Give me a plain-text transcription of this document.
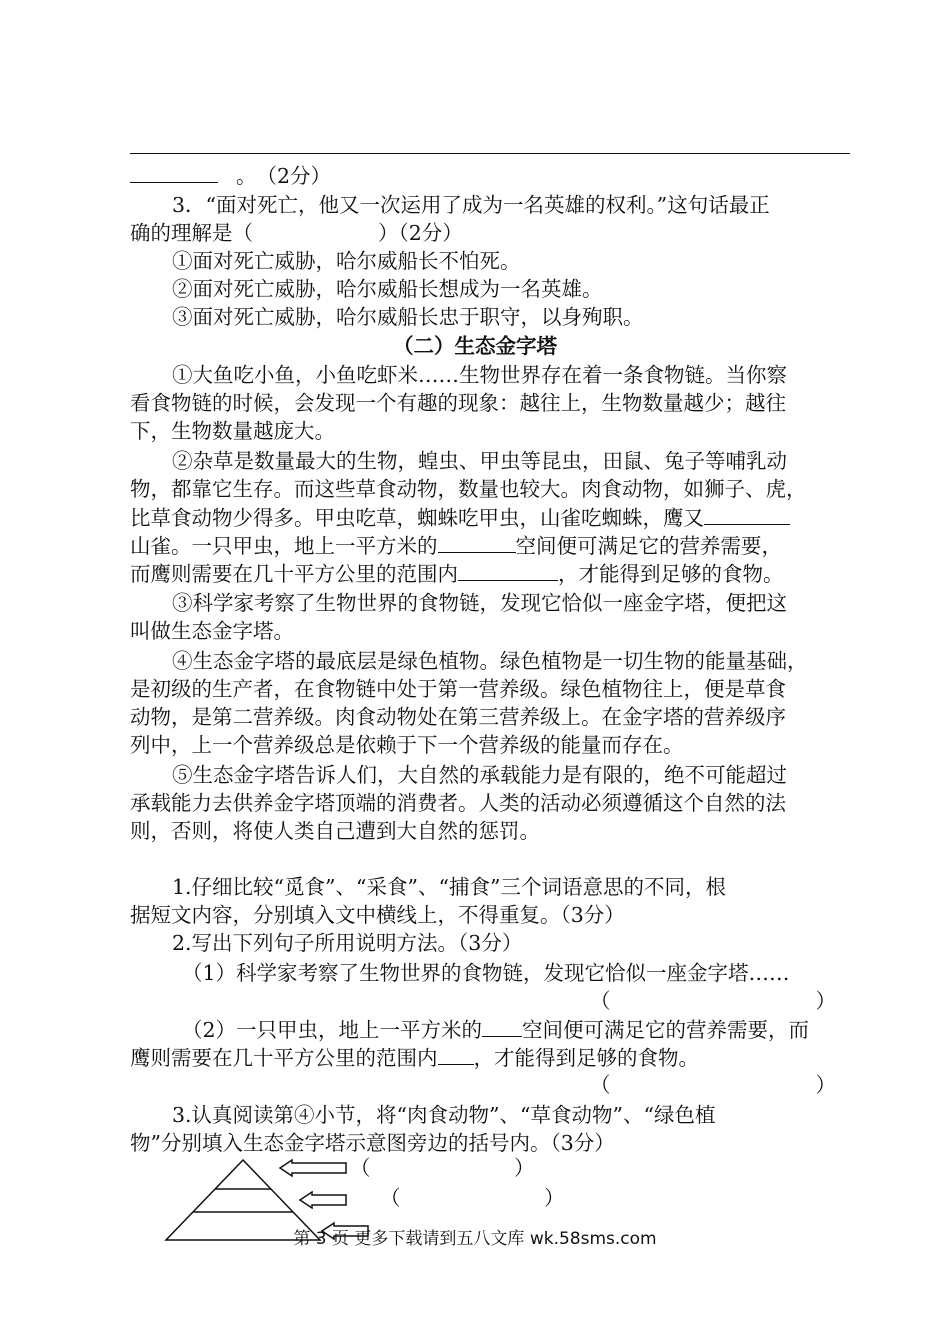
。　（2分）
3．“面对死亡，他又一次运用了成为一名英雄的权利。”这句话最正
确的理解是（	）（2分）
①面对死亡威胁，哈尔威船长不怕死。
②面对死亡威胁，哈尔威船长想成为一名英雄。
③面对死亡威胁，哈尔威船长忠于职守，以身殉职。
（二）生态金字塔
①大鱼吃小鱼，小鱼吃虾米……生物世界存在着一条食物链。当你察
看食物链的时候，会发现一个有趣的现象：越往上，生物数量越少；越往
下，生物数量越庞大。
②杂草是数量最大的生物，蝗虫、甲虫等昆虫，田鼠、兔子等哺乳动
物，都靠它生存。而这些草食动物，数量也较大。肉食动物，如狮子、虎，
比草食动物少得多。甲虫吃草，蜘蛛吃甲虫，山雀吃蜘蛛，鹰又
山雀。一只甲虫，地上一平方米的	空间便可满足它的营养需要，
而鹰则需要在几十平方公里的范围内	，才能得到足够的食物。
③科学家考察了生物世界的食物链，发现它恰似一座金字塔，便把这
叫做生态金字塔。
④生态金字塔的最底层是绿色植物。绿色植物是一切生物的能量基础，
是初级的生产者，在食物链中处于第一营养级。绿色植物往上，便是草食
动物，是第二营养级。肉食动物处在第三营养级上。在金字塔的营养级序
列中，上一个营养级总是依赖于下一个营养级的能量而存在。
⑤生态金字塔告诉人们，大自然的承载能力是有限的，绝不可能超过
承载能力去供养金字塔顶端的消费者。人类的活动必须遵循这个自然的法
则，否则，将使人类自己遭到大自然的惩罚。
1.仔细比较“觅食”、“采食”、“捕食”三个词语意思的不同，根
据短文内容，分别填入文中横线上，不得重复。（3分）
2.写出下列句子所用说明方法。（3分）
（1）科学家考察了生物世界的食物链，发现它恰似一座金字塔……
（　　　　　　　　　　）
（2）一只甲虫，地上一平方米的 空间便可满足它的营养需要，而
鹰则需要在几十平方公里的范围内 ，才能得到足够的食物。
（　　　　　　　　　　）
3.认真阅读第④小节，将“肉食动物”、“草食动物”、“绿色植
物”分别填入生态金字塔示意图旁边的括号内。（3分）
（　　　　　　　）
（　　　　　　　）
第 3 页 更多下载请到五八文库 wk.58sms.com
